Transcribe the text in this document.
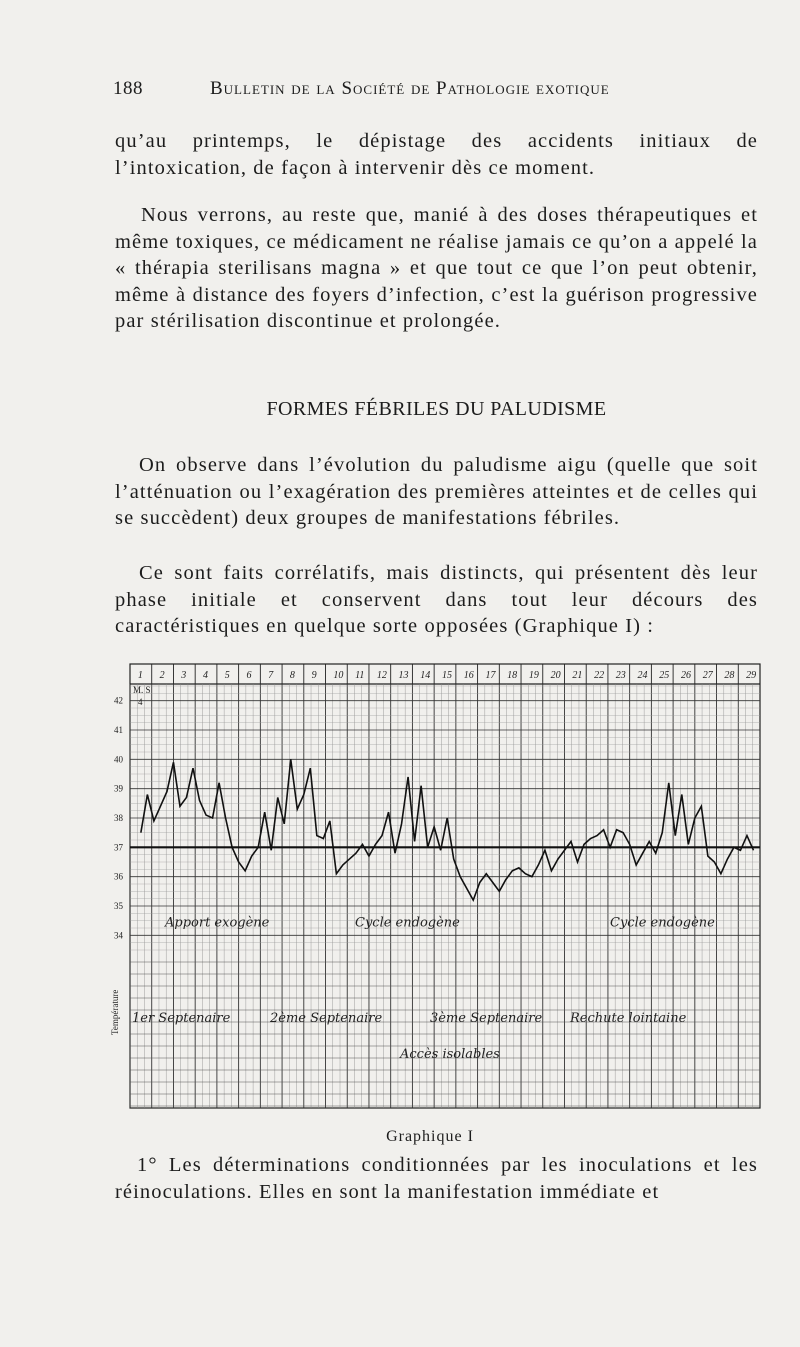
188	Bulletin de la Société de Pathologie exotique

qu’au printemps, le dépistage des accidents initiaux de l’intoxication, de façon à intervenir dès ce moment.

Nous verrons, au reste que, manié à des doses thérapeutiques et même toxiques, ce médicament ne réalise jamais ce qu’on a appelé la « thérapia sterilisans magna » et que tout ce que l’on peut obtenir, même à distance des foyers d’infection, c’est la guérison progressive par stérilisation discontinue et prolongée.

FORMES FÉBRILES DU PALUDISME

On observe dans l’évolution du paludisme aigu (quelle que soit l’atténuation ou l’exagération des premières atteintes et de celles qui se succèdent) deux groupes de manifestations fébriles.

Ce sont faits corrélatifs, mais distincts, qui présentent dès leur phase initiale et conservent dans tout leur décours des caractéristiques en quelque sorte opposées (Graphique I) :

42
41
40
39
38
37
36
35
34
Température
1 2 3 4 5 6 7 8 9 10 11 12 13 14 15 16 17 18 19 20 21 22 23 24 25 26 27 28 29
M. S
4
Apport exogène	Cycle endogène	Cycle endogène
1er Septenaire	2ème Septenaire	3ème Septenaire Rechute lointaine
Accès isolables
Graphique I

1° Les déterminations conditionnées par les inoculations et les réinoculations. Elles en sont la manifestation immédiate et
